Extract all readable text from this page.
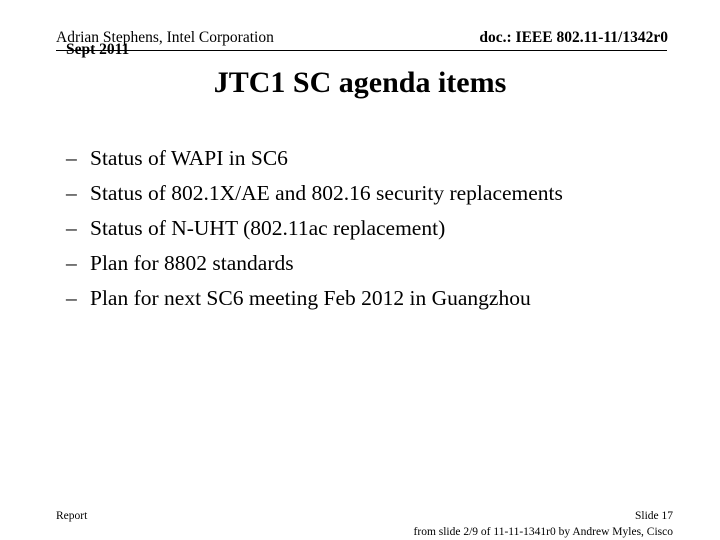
Adrian Stephens, Intel Corporation
Sept 2011
doc.: IEEE 802.11-11/1342r0
JTC1 SC agenda items
– Status of WAPI in SC6
– Status of 802.1X/AE and 802.16 security replacements
– Status of N-UHT (802.11ac replacement)
– Plan for 8802 standards
– Plan for next SC6 meeting Feb 2012 in Guangzhou
Report	Slide 17
from slide 2/9 of 11-11-1341r0 by Andrew Myles, Cisco
